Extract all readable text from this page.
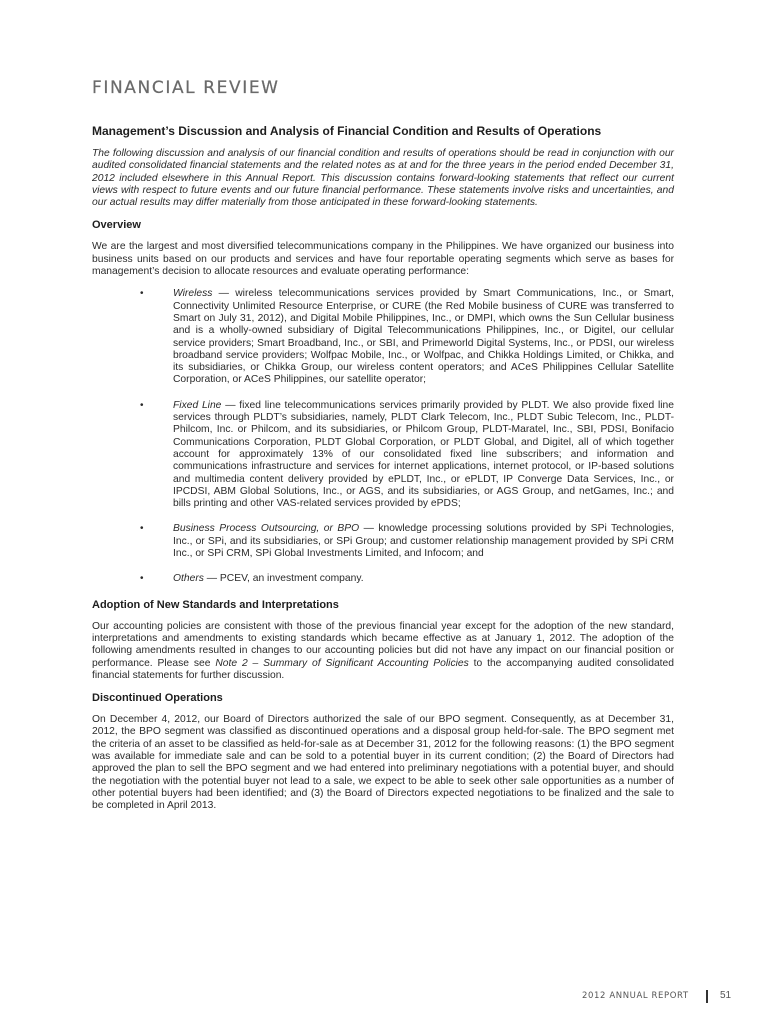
FINANCIAL REVIEW
Management’s Discussion and Analysis of Financial Condition and Results of Operations

The following discussion and analysis of our financial condition and results of operations should be read in conjunction with our audited consolidated financial statements and the related notes as at and for the three years in the period ended December 31, 2012 included elsewhere in this Annual Report. This discussion contains forward-looking statements that reflect our current views with respect to future events and our future financial performance. These statements involve risks and uncertainties, and our actual results may differ materially from those anticipated in these forward-looking statements.

Overview

We are the largest and most diversified telecommunications company in the Philippines. We have organized our business into business units based on our products and services and have four reportable operating segments which serve as bases for management’s decision to allocate resources and evaluate operating performance:

•	Wireless — wireless telecommunications services provided by Smart Communications, Inc., or Smart, Connectivity Unlimited Resource Enterprise, or CURE (the Red Mobile business of CURE was transferred to Smart on July 31, 2012), and Digital Mobile Philippines, Inc., or DMPI, which owns the Sun Cellular business and is a wholly-owned subsidiary of Digital Telecommunications Philippines, Inc., or Digitel, our cellular service providers; Smart Broadband, Inc., or SBI, and Primeworld Digital Systems, Inc., or PDSI, our wireless broadband service providers; Wolfpac Mobile, Inc., or Wolfpac, and Chikka Holdings Limited, or Chikka, and its subsidiaries, or Chikka Group, our wireless content operators; and ACeS Philippines Cellular Satellite Corporation, or ACeS Philippines, our satellite operator;
•	Fixed Line — fixed line telecommunications services primarily provided by PLDT. We also provide fixed line services through PLDT’s subsidiaries, namely, PLDT Clark Telecom, Inc., PLDT Subic Telecom, Inc., PLDT-Philcom, Inc. or Philcom, and its subsidiaries, or Philcom Group, PLDT-Maratel, Inc., SBI, PDSI, Bonifacio Communications Corporation, PLDT Global Corporation, or PLDT Global, and Digitel, all of which together account for approximately 13% of our consolidated fixed line subscribers; and information and communications infrastructure and services for internet applications, internet protocol, or IP-based solutions and multimedia content delivery provided by ePLDT, Inc., or ePLDT, IP Converge Data Services, Inc., or IPCDSI, ABM Global Solutions, Inc., or AGS, and its subsidiaries, or AGS Group, and netGames, Inc.; and bills printing and other VAS-related services provided by ePDS;
•	Business Process Outsourcing, or BPO — knowledge processing solutions provided by SPi Technologies, Inc., or SPi, and its subsidiaries, or SPi Group; and customer relationship management provided by SPi CRM Inc., or SPi CRM, SPi Global Investments Limited, and Infocom; and
•	Others — PCEV, an investment company.
Adoption of New Standards and Interpretations

Our accounting policies are consistent with those of the previous financial year except for the adoption of the new standard, interpretations and amendments to existing standards which became effective as at January 1, 2012. The adoption of the following amendments resulted in changes to our accounting policies but did not have any impact on our financial position or performance. Please see Note 2 – Summary of Significant Accounting Policies to the accompanying audited consolidated financial statements for further discussion.

Discontinued Operations

On December 4, 2012, our Board of Directors authorized the sale of our BPO segment. Consequently, as at December 31, 2012, the BPO segment was classified as discontinued operations and a disposal group held-for-sale. The BPO segment met the criteria of an asset to be classified as held-for-sale as at December 31, 2012 for the following reasons: (1) the BPO segment was available for immediate sale and can be sold to a potential buyer in its current condition; (2) the Board of Directors had approved the plan to sell the BPO segment and we had entered into preliminary negotiations with a potential buyer, and should the negotiation with the potential buyer not lead to a sale, we expect to be able to seek other sale opportunities as a number of other potential buyers had been identified; and (3) the Board of Directors expected negotiations to be finalized and the sale to be completed in April 2013.

2012 ANNUAL REPORT	51
